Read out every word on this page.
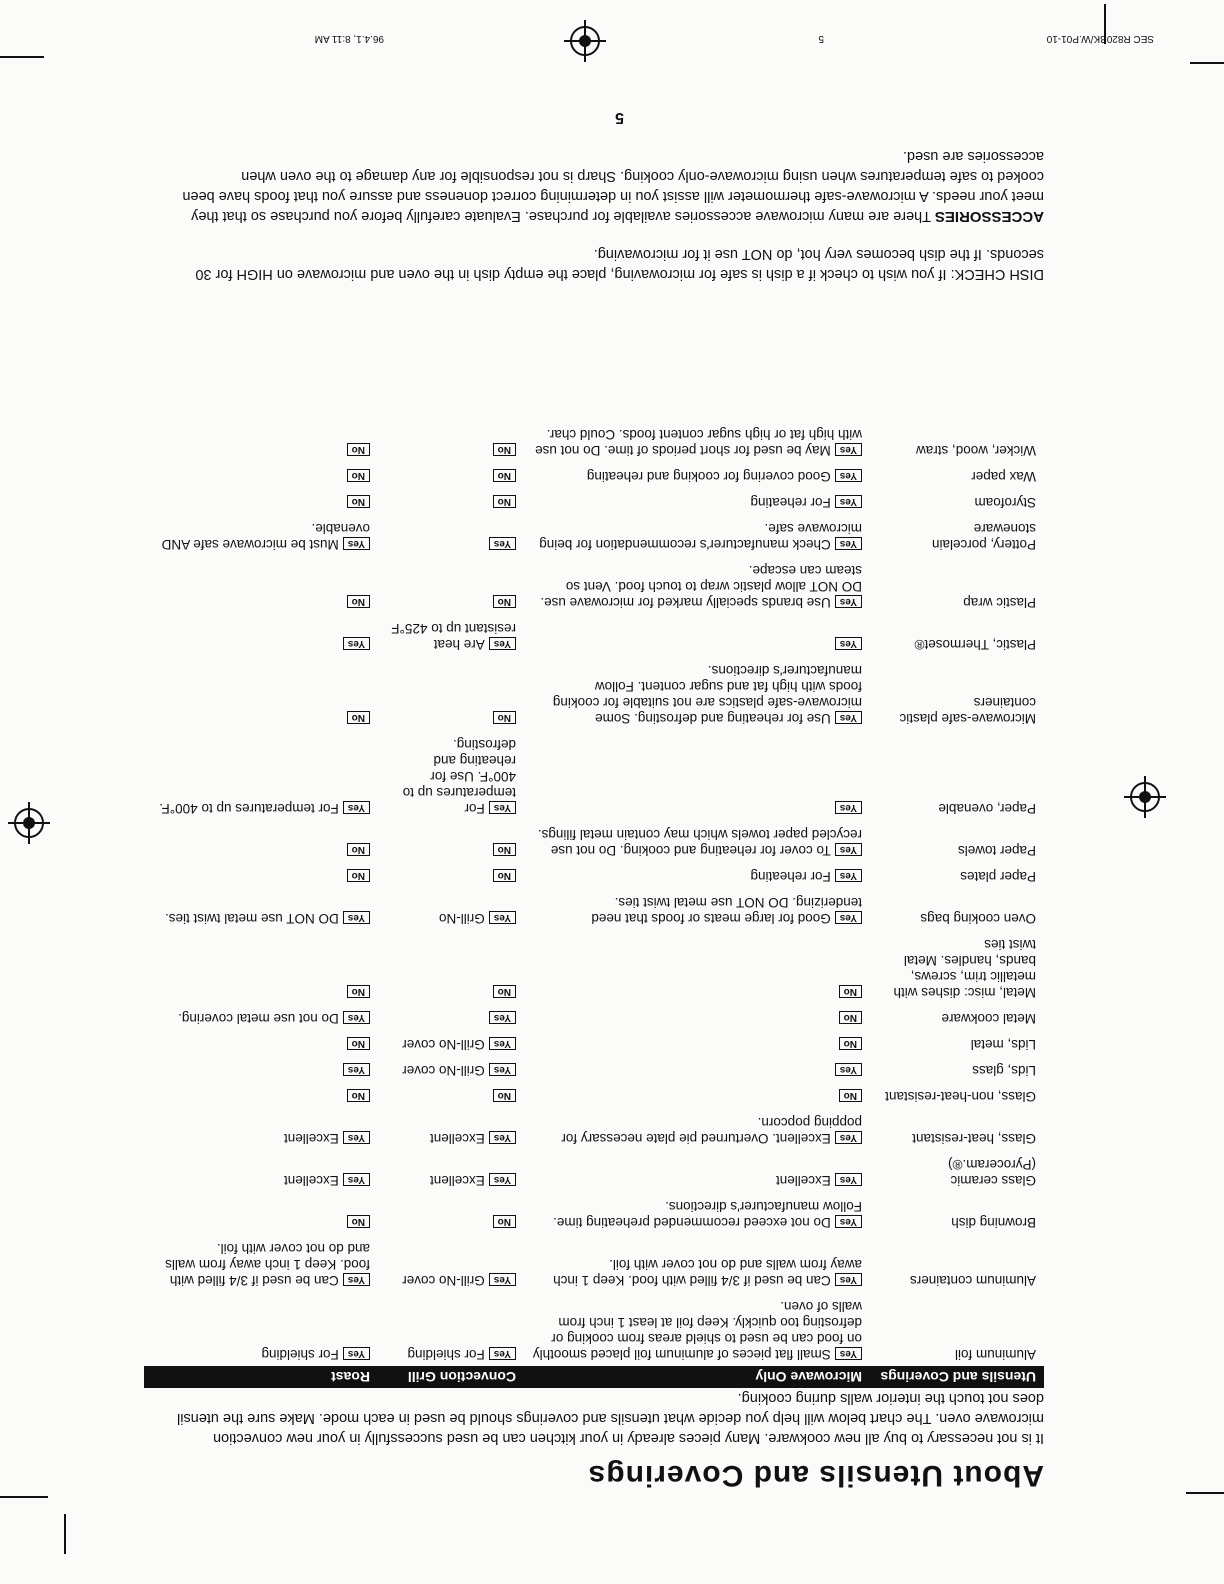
About Utensils and Coverings
It is not necessary to buy all new cookware. Many pieces already in your kitchen can be used successfully in your new convection microwave oven. The chart below will help you decide what utensils and coverings should be used in each mode. Make sure the utensil does not touch the interior walls during cooking.
Utensils and Coverings	Microwave Only	Convection Grill	Roast
Aluminum foil	YesSmall flat pieces of aluminum foil placed smoothly on food can be used to shield areas from cooking or defrosting too quickly. Keep foil at least 1 inch from walls of oven.	YesFor shielding	YesFor shielding
Aluminum containers	YesCan be used if 3/4 filled with food. Keep 1 inch away from walls and do not cover with foil.	YesGrill-No cover	YesCan be used if 3/4 filled with food. Keep 1 inch away from walls and do not cover with foil.
Browning dish	YesDo not exceed recommended preheating time. Follow manufacturer's directions.	No	No
Glass ceramic (Pyroceram.®)	YesExcellent	YesExcellent	YesExcellent
Glass, heat-resistant	YesExcellent. Overturned pie plate necessary for popping popcorn.	YesExcellent	YesExcellent
Glass, non-heat-resistant	No	No	No
Lids, glass	Yes	YesGrill-No cover	Yes
Lids, metal	No	YesGrill-No cover	No
Metal cookware	No	Yes	YesDo not use metal covering.
Metal, misc: dishes with metallic trim, screws, bands, handles. Metal twist ties	No	No	No
Oven cooking bags	YesGood for large meats or foods that need tenderizing. DO NOT use metal twist ties.	YesGrill-No	YesDO NOT use metal twist ties.
Paper plates	YesFor reheating	No	No
Paper towels	YesTo cover for reheating and cooking. Do not use recycled paper towels which may contain metal filings.	No	No
Paper, ovenable	Yes	YesFor temperatures up to 400°F. Use for reheating and defrosting.	YesFor temperatures up to 400°F.
Microwave-safe plastic containers	YesUse for reheating and defrosting. Some microwave-safe plastics are not suitable for cooking foods with high fat and sugar content. Follow manufacturer's directions.	No	No
Plastic, Thermoset®	Yes	YesAre heat resistant up to 425°F	Yes
Plastic wrap	YesUse brands specially marked for microwave use. DO NOT allow plastic wrap to touch food. Vent so steam can escape.	No	No
Pottery, porcelain stoneware	YesCheck manufacturer's recommendation for being microwave safe.	Yes	YesMust be microwave safe AND ovenable.
Styrofoam	YesFor reheating	No	No
Wax paper	YesGood covering for cooking and reheating	No	No
Wicker, wood, straw	YesMay be used for short periods of time. Do not use with high fat or high sugar content foods. Could char.	No	No
DISH CHECK: If you wish to check if a dish is safe for microwaving, place the empty dish in the oven and microwave on HIGH for 30 seconds. If the dish becomes very hot, do NOT use it for microwaving.
ACCESSORIES There are many microwave accessories available for purchase. Evaluate carefully before you purchase so that they meet your needs. A microwave-safe thermometer will assist you in determining correct doneness and assure you that foods have been cooked to safe temperatures when using microwave-only cooking. Sharp is not responsible for any damage to the oven when accessories are used.
5
SEC R820BK/W.P01-10
5
96.4.1, 8:11 AM
